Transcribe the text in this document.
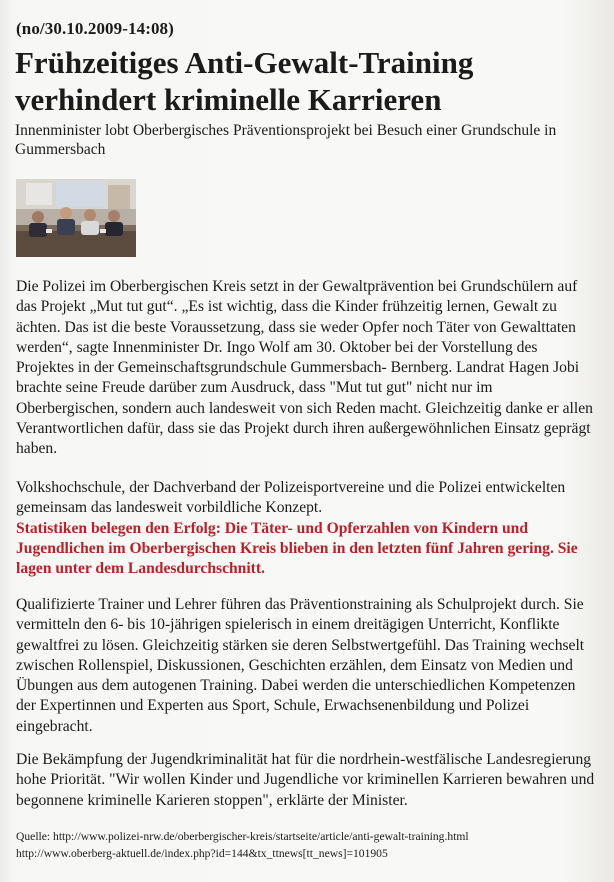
(no/30.10.2009-14:08)
Frühzeitiges Anti-Gewalt-Training verhindert kriminelle Karrieren
Innenminister lobt Oberbergisches Präventionsprojekt bei Besuch einer Grundschule in Gummersbach

Die Polizei im Oberbergischen Kreis setzt in der Gewaltprävention bei Grundschülern auf das Projekt „Mut tut gut“. „Es ist wichtig, dass die Kinder frühzeitig lernen, Gewalt zu ächten. Das ist die beste Voraussetzung, dass sie weder Opfer noch Täter von Gewalttaten werden“, sagte Innenminister Dr. Ingo Wolf am 30. Oktober bei der Vorstellung des Projektes in der Gemeinschaftsgrundschule Gummersbach- Bernberg. Landrat Hagen Jobi brachte seine Freude darüber zum Ausdruck, dass "Mut tut gut" nicht nur im Oberbergischen, sondern auch landesweit von sich Reden macht. Gleichzeitig danke er allen Verantwortlichen dafür, dass sie das Projekt durch ihren außergewöhnlichen Einsatz geprägt haben.

Volkshochschule, der Dachverband der Polizeisportvereine und die Polizei entwickelten gemeinsam das landesweit vorbildliche Konzept.
Statistiken belegen den Erfolg: Die Täter- und Opferzahlen von Kindern und Jugendlichen im Oberbergischen Kreis blieben in den letzten fünf Jahren gering. Sie lagen unter dem Landesdurchschnitt.

Qualifizierte Trainer und Lehrer führen das Präventionstraining als Schulprojekt durch. Sie vermitteln den 6- bis 10-jährigen spielerisch in einem dreitägigen Unterricht, Konflikte gewaltfrei zu lösen. Gleichzeitig stärken sie deren Selbstwertgefühl. Das Training wechselt zwischen Rollenspiel, Diskussionen, Geschichten erzählen, dem Einsatz von Medien und Übungen aus dem autogenen Training. Dabei werden die unterschiedlichen Kompetenzen der Expertinnen und Experten aus Sport, Schule, Erwachsenenbildung und Polizei eingebracht.

Die Bekämpfung der Jugendkriminalität hat für die nordrhein-westfälische Landesregierung hohe Priorität. "Wir wollen Kinder und Jugendliche vor kriminellen Karrieren bewahren und begonnene kriminelle Karieren stoppen", erklärte der Minister.

Quelle: http://www.polizei-nrw.de/oberbergischer-kreis/startseite/article/anti-gewalt-training.html
http://www.oberberg-aktuell.de/index.php?id=144&tx_ttnews[tt_news]=101905
